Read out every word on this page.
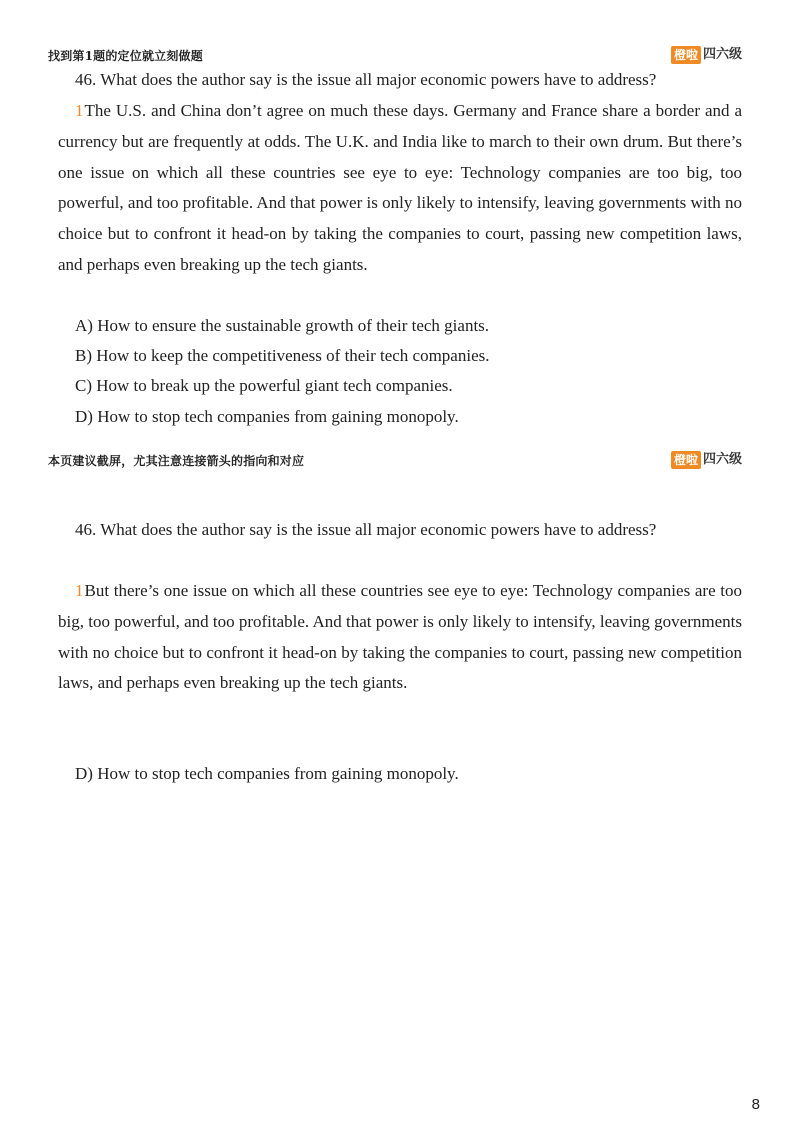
找到第1题的定位就立刻做题	橙啦 四六级
46. What does the author say is the issue all major economic powers have to address?
1The U.S. and China don’t agree on much these days. Germany and France share a border and a currency but are frequently at odds. The U.K. and India like to march to their own drum. But there’s one issue on which all these countries see eye to eye: Technology companies are too big, too powerful, and too profitable. And that power is only likely to intensify, leaving governments with no choice but to confront it head-on by taking the companies to court, passing new competition laws, and perhaps even breaking up the tech giants.
A) How to ensure the sustainable growth of their tech giants.
B) How to keep the competitiveness of their tech companies.
C) How to break up the powerful giant tech companies.
D) How to stop tech companies from gaining monopoly.
本页建议截屏，尤其注意连接箭头的指向和对应	橙啦 四六级
46. What does the author say is the issue all major economic powers have to address?
1But there’s one issue on which all these countries see eye to eye: Technology companies are too big, too powerful, and too profitable. And that power is only likely to intensify, leaving governments with no choice but to confront it head-on by taking the companies to court, passing new competition laws, and perhaps even breaking up the tech giants.
D) How to stop tech companies from gaining monopoly.
8
